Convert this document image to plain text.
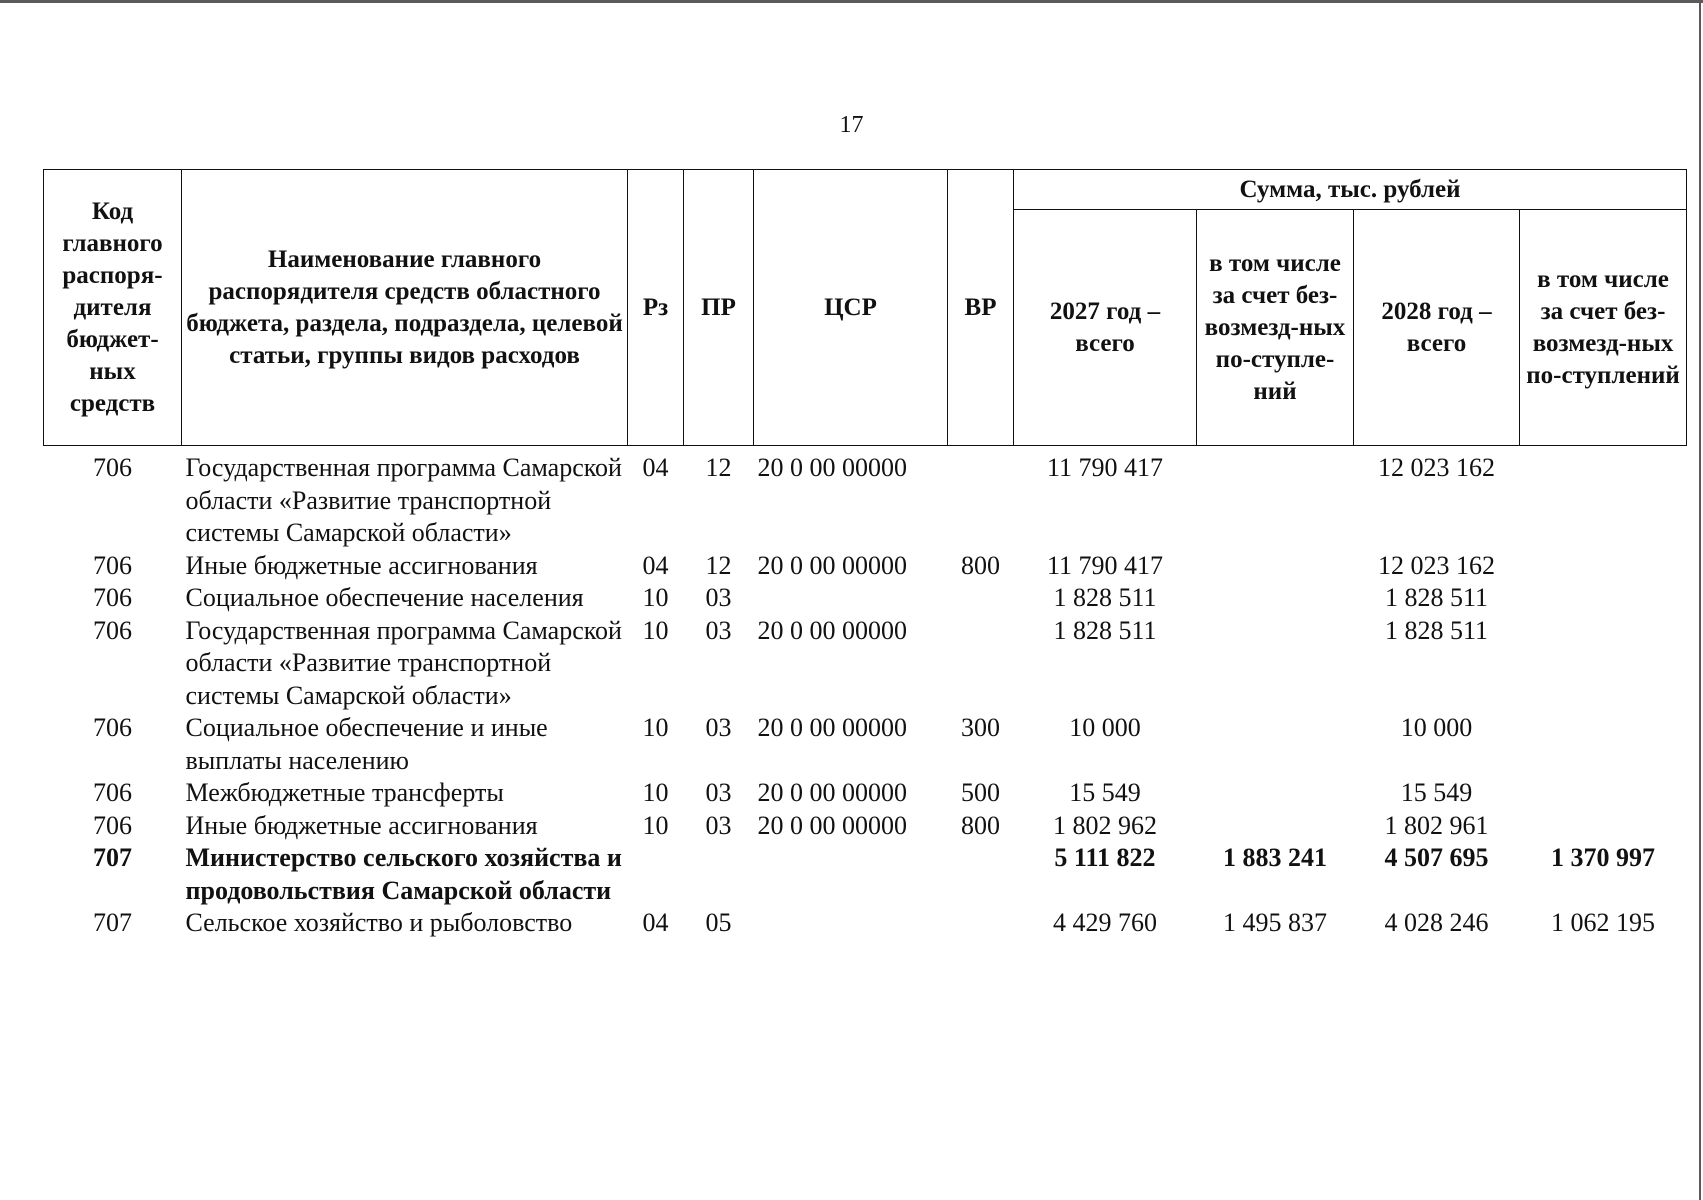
17
Код главного распоря-дителя бюджет-ных средств	Наименование главного распорядителя средств областного бюджета, раздела, подраздела, целевой статьи, группы видов расходов	Рз	ПР	ЦСР	ВР	Сумма, тыс. рублей			
						2027 год – всего	в том числе за счет без-возмезд-ных по-ступле-ний	2028 год – всего	в том числе за счет без-возмезд-ных по-ступлений
706	Государственная программа Самарской области «Развитие транспортной системы Самарской области»	04	12	20 0 00 00000		11 790 417		12 023 162	
706	Иные бюджетные ассигнования	04	12	20 0 00 00000	800	11 790 417		12 023 162	
706	Социальное обеспечение населения	10	03			1 828 511		1 828 511	
706	Государственная программа Самарской области «Развитие транспортной системы Самарской области»	10	03	20 0 00 00000		1 828 511		1 828 511	
706	Социальное обеспечение и иные выплаты населению	10	03	20 0 00 00000	300	10 000		10 000	
706	Межбюджетные трансферты	10	03	20 0 00 00000	500	15 549		15 549	
706	Иные бюджетные ассигнования	10	03	20 0 00 00000	800	1 802 962		1 802 961	
707	Министерство сельского хозяйства и продовольствия Самарской области					5 111 822	1 883 241	4 507 695	1 370 997
707	Сельское хозяйство и рыболовство	04	05			4 429 760	1 495 837	4 028 246	1 062 195
